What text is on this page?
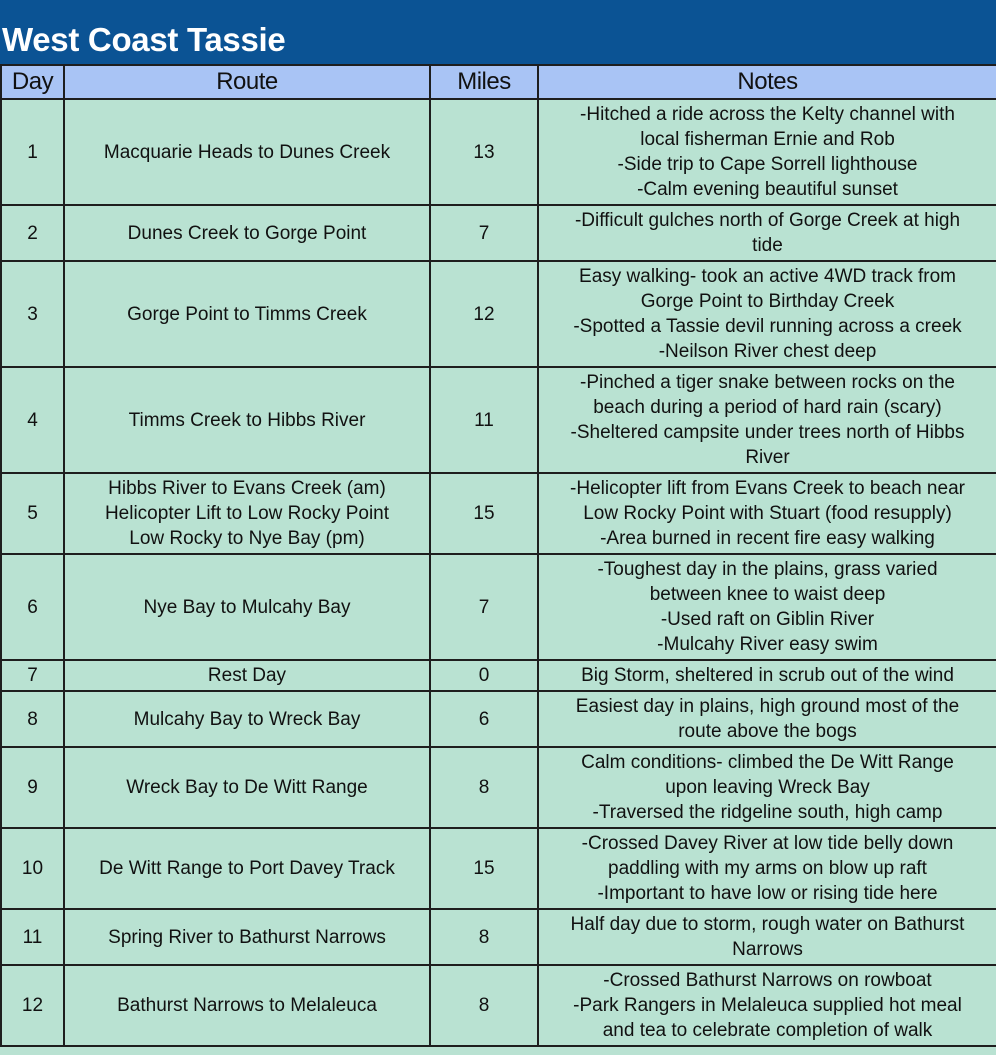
West Coast Tassie
Day	Route	Miles	Notes
1	Macquarie Heads to Dunes Creek	13	-Hitched a ride across the Kelty channel with
local fisherman Ernie and Rob
-Side trip to Cape Sorrell lighthouse
-Calm evening beautiful sunset

2	Dunes Creek to Gorge Point	7	-Difficult gulches north of Gorge Creek at high
tide

3	Gorge Point to Timms Creek	12	Easy walking- took an active 4WD track from
Gorge Point to Birthday Creek
-Spotted a Tassie devil running across a creek
-Neilson River chest deep

4	Timms Creek to Hibbs River	11	-Pinched a tiger snake between rocks on the
beach during a period of hard rain (scary)
-Sheltered campsite under trees north of Hibbs
River

5	Hibbs River to Evans Creek (am)
Helicopter Lift to Low Rocky Point
Low Rocky to Nye Bay (pm)	15	-Helicopter lift from Evans Creek to beach near
Low Rocky Point with Stuart (food resupply)
-Area burned in recent fire easy walking

6	Nye Bay to Mulcahy Bay	7	-Toughest day in the plains, grass varied
between knee to waist deep
-Used raft on Giblin River
-Mulcahy River easy swim

7	Rest Day	0	Big Storm, sheltered in scrub out of the wind

8	Mulcahy Bay to Wreck Bay	6	Easiest day in plains, high ground most of the
route above the bogs

9	Wreck Bay to De Witt Range	8	Calm conditions- climbed the De Witt Range
upon leaving Wreck Bay
-Traversed the ridgeline south, high camp

10	De Witt Range to Port Davey Track	15	-Crossed Davey River at low tide belly down
paddling with my arms on blow up raft
-Important to have low or rising tide here

11	Spring River to Bathurst Narrows	8	Half day due to storm, rough water on Bathurst
Narrows

12	Bathurst Narrows to Melaleuca	8	-Crossed Bathurst Narrows on rowboat
-Park Rangers in Melaleuca supplied hot meal
and tea to celebrate completion of walk
